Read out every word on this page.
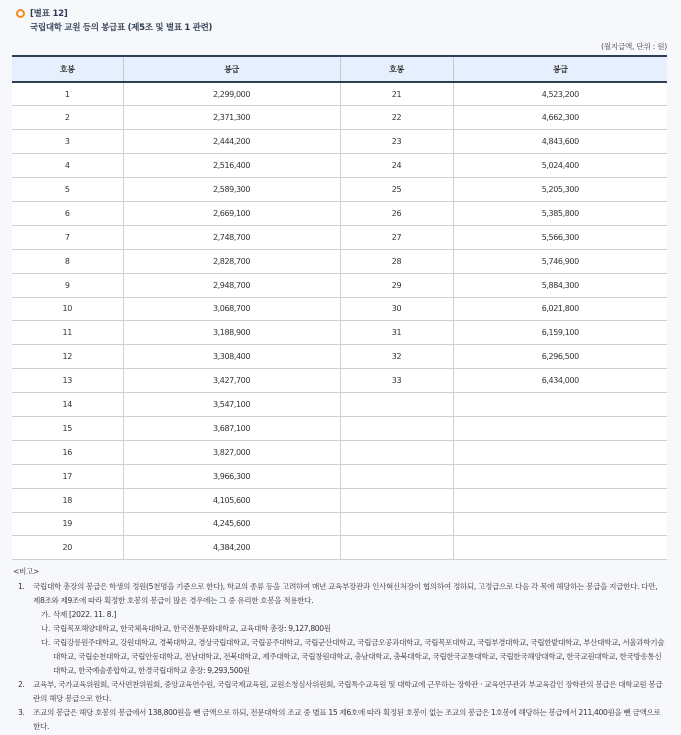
[별표 12]
국립대학 교원 등의 봉급표 (제5조 및 별표 1 관련)
(월지급액, 단위 : 원)
호봉	봉급	호봉	봉급
1	2,299,000	21	4,523,200
2	2,371,300	22	4,662,300
3	2,444,200	23	4,843,600
4	2,516,400	24	5,024,400
5	2,589,300	25	5,205,300
6	2,669,100	26	5,385,800
7	2,748,700	27	5,566,300
8	2,828,700	28	5,746,900
9	2,948,700	29	5,884,300
10	3,068,700	30	6,021,800
11	3,188,900	31	6,159,100
12	3,308,400	32	6,296,500
13	3,427,700	33	6,434,000
14	3,547,100		
15	3,687,100		
16	3,827,000		
17	3,966,300		
18	4,105,600		
19	4,245,600		
20	4,384,200		
<비고>
1.	국립대학 총장의 봉급은 학생의 정원(5천명을 기준으로 한다), 학교의 종류 등을 고려하여 매년 교육부장관과 인사혁신처장이 협의하여 정하되, 고정급으로 다음 각 목에 해당하는 봉급을 지급한다. 다만, 제8조와 제9조에 따라 획정한 호봉의 봉급이 많은 경우에는 그 중 유리한 호봉을 적용한다.
가. 삭제 [2022. 11. 8.]
나. 국립목포해양대학교, 한국체육대학교, 한국전통문화대학교, 교육대학 총장: 9,127,800원
다. 국립강릉원주대학교, 강원대학교, 경북대학교, 경상국립대학교, 국립공주대학교, 국립군산대학교, 국립금오공과대학교, 국립목포대학교, 국립부경대학교, 국립한밭대학교, 부산대학교, 서울과학기술대학교, 국립순천대학교, 국립안동대학교, 전남대학교, 전북대학교, 제주대학교, 국립창원대학교, 충남대학교, 충북대학교, 국립한국교통대학교, 국립한국해양대학교, 한국교원대학교, 한국방송통신대학교, 한국예술종합학교, 한경국립대학교 총장: 9,293,500원
2.	교육부, 국가교육위원회, 국사편찬위원회, 중앙교육연수원, 국립국제교육원, 교원소청심사위원회, 국립특수교육원 및 대학교에 근무하는 장학관 · 교육연구관과 부교육감인 장학관의 봉급은 대학교원 봉급란의 해당 봉급으로 한다.
3.	조교의 봉급은 해당 호봉의 봉급에서 138,800원을 뺀 금액으로 하되, 전문대학의 조교 중 별표 15 제6호에 따라 획정된 호봉이 없는 조교의 봉급은 1호봉에 해당하는 봉급에서 211,400원을 뺀 금액으로 한다.
